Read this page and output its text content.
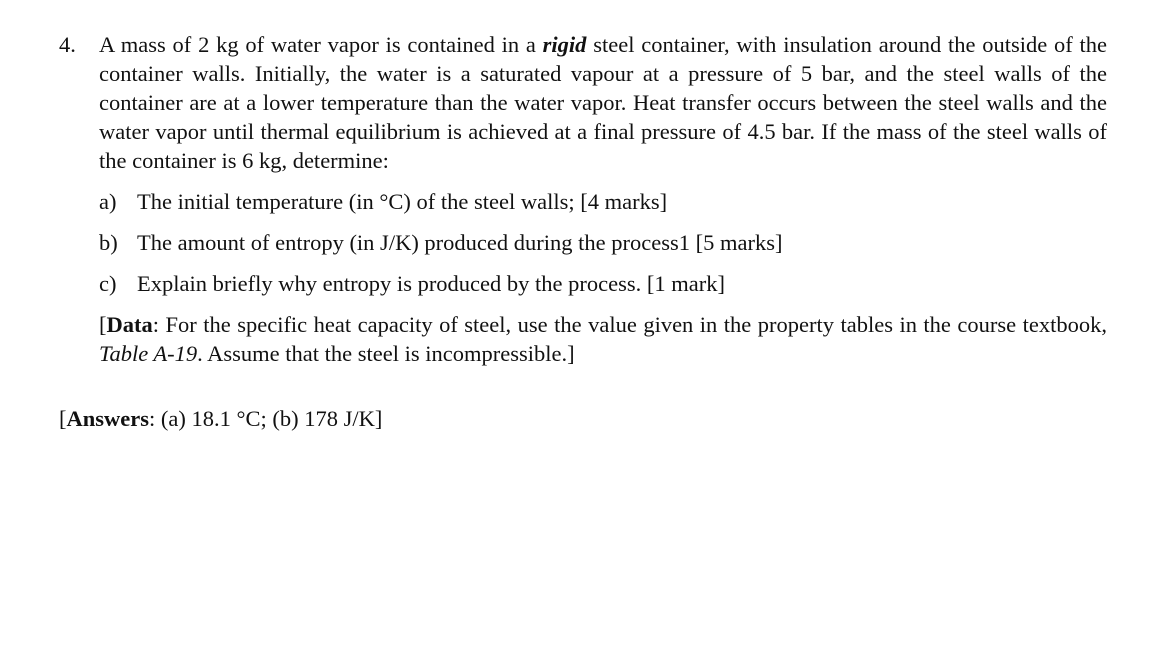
4. A mass of 2 kg of water vapor is contained in a rigid steel container, with insulation around the outside of the container walls. Initially, the water is a saturated vapour at a pressure of 5 bar, and the steel walls of the container are at a lower temperature than the water vapor. Heat transfer occurs between the steel walls and the water vapor until thermal equilibrium is achieved at a final pressure of 4.5 bar. If the mass of the steel walls of the container is 6 kg, determine:
a) The initial temperature (in °C) of the steel walls; [4 marks]
b) The amount of entropy (in J/K) produced during the process1 [5 marks]
c) Explain briefly why entropy is produced by the process. [1 mark]
[Data: For the specific heat capacity of steel, use the value given in the property tables in the course textbook, Table A-19. Assume that the steel is incompressible.]
[Answers: (a) 18.1 °C; (b) 178 J/K]
